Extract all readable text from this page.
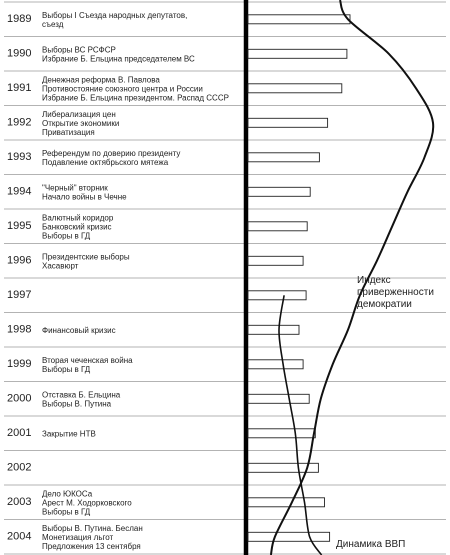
1989 Выборы I Съезда народных депутатов,
съезд
1990 Выборы ВС РСФСР
Избрание Б. Ельцина председателем ВС
1991
Денежная реформа В. Павлова
Противостояние союзного центра и России
Избрание Б. Ельцина президентом. Распад СССР
1992
Либерализация цен
Открытие экономики
Приватизация
1993 Референдум по доверию президенту
Подавление октябрьского мятежа
1994 "Черный" вторник
Начало войны в Чечне
1995
Валютный коридор
Банковский кризис
Выборы в ГД
1996 Президентские выборы
Хасавюрт
1997
1998 Финансовый кризис
1999 Вторая чеченская война
Выборы в ГД
2000 Отставка Б. Ельцина
Выборы В. Путина
2001 Закрытие НТВ
2002
2003
Дело ЮКОСа
Арест М. Ходорковского
Выборы в ГД
2004
Выборы В. Путина. Беслан
Монетизация льгот
Предложения 13 сентября
Индекс
приверженности
демократии
Динамика ВВП
